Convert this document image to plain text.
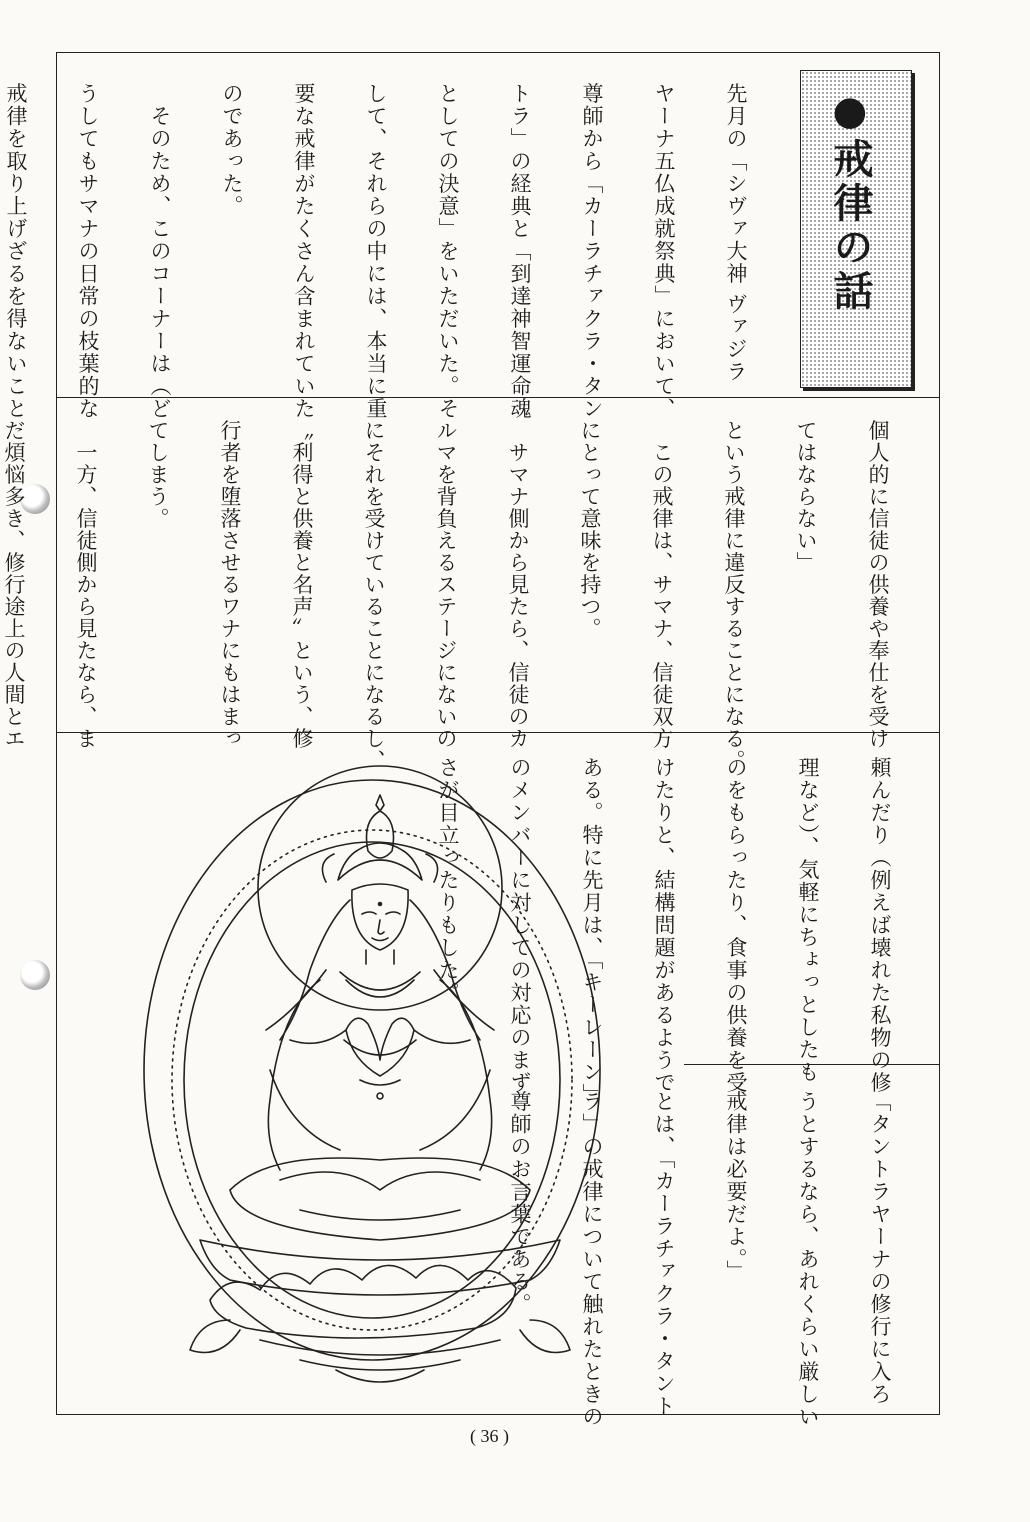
●戒律の話

先月の「シヴァ大神 ヴァジラ

ヤーナ五仏成就祭典」において、

尊師から「カーラチァクラ・タン

トラ」の経典と「到達神智運命魂

としての決意」をいただいた。そ

して、それらの中には、本当に重

要な戒律がたくさん含まれていた

のであった。

　そのため、このコーナーは（ど

うしてもサマナの日常の枝葉的な

戒律を取り上げざるを得ないこと

個人的に信徒の供養や奉仕を受け

てはならない」

という戒律に違反することになる。

　この戒律は、サマナ、信徒双方

にとって意味を持つ。

　サマナ側から見たら、信徒のカ

ルマを背負えるステージにないの

にそれを受けていることになるし、

〝利得と供養と名声〟という、修

行者を堕落させるワナにもはまっ

てしまう。

　一方、信徒側から見たなら、ま

だ煩悩多き、修行途上の人間とエ

頼んだり（例えば壊れた私物の修

理など）、気軽にちょっとしたも

のをもらったり、食事の供養を受

けたりと、結構問題があるようで

ある。特に先月は、「キーレーン」

のメンバーに対しての対応のまず

さが目立ったりもした。

「タントラヤーナの修行に入ろ

うとするなら、あれくらい厳しい

戒律は必要だよ。」

とは、「カーラチァクラ・タント

ラ」の戒律について触れたときの

尊師のお言葉である。

( 36 )
